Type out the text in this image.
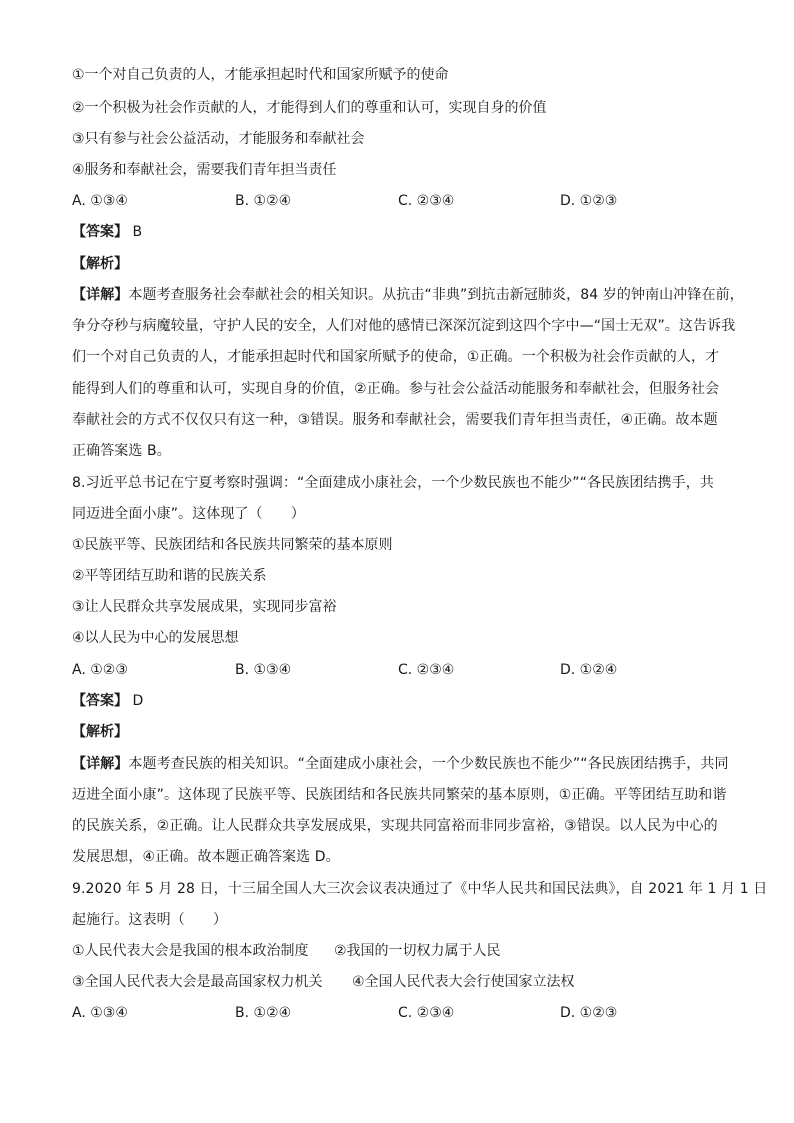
①一个对自己负责的人，才能承担起时代和国家所赋予的使命
②一个积极为社会作贡献的人，才能得到人们的尊重和认可，实现自身的价值
③只有参与社会公益活动，才能服务和奉献社会
④服务和奉献社会，需要我们青年担当责任
A. ①③④	B. ①②④	C. ②③④	D. ①②③
【答案】 B
【解析】
【详解】本题考查服务社会奉献社会的相关知识。从抗击“非典”到抗击新冠肺炎，84 岁的钟南山冲锋在前，
争分夺秒与病魔较量，守护人民的安全，人们对他的感情已深深沉淀到这四个字中—“国士无双”。这告诉我
们一个对自己负责的人，才能承担起时代和国家所赋予的使命，①正确。一个积极为社会作贡献的人，才
能得到人们的尊重和认可，实现自身的价值，②正确。参与社会公益活动能服务和奉献社会，但服务社会
奉献社会的方式不仅仅只有这一种，③错误。服务和奉献社会，需要我们青年担当责任，④正确。故本题
正确答案选 B。
8.习近平总书记在宁夏考察时强调：“全面建成小康社会，一个少数民族也不能少”“各民族团结携手，共
同迈进全面小康”。这体现了（　　）
①民族平等、民族团结和各民族共同繁荣的基本原则
②平等团结互助和谐的民族关系
③让人民群众共享发展成果，实现同步富裕
④以人民为中心的发展思想
A. ①②③	B. ①③④	C. ②③④	D. ①②④
【答案】 D
【解析】
【详解】本题考查民族的相关知识。“全面建成小康社会，一个少数民族也不能少”“各民族团结携手，共同
迈进全面小康”。这体现了民族平等、民族团结和各民族共同繁荣的基本原则，①正确。平等团结互助和谐
的民族关系，②正确。让人民群众共享发展成果，实现共同富裕而非同步富裕，③错误。以人民为中心的
发展思想，④正确。故本题正确答案选 D。
9.2020 年 5 月 28 日，十三届全国人大三次会议表决通过了《中华人民共和国民法典》，自 2021 年 1 月 1 日
起施行。这表明（　　）
①人民代表大会是我国的根本政治制度 ②我国的一切权力属于人民
③全国人民代表大会是最高国家权力机关 ④全国人民代表大会行使国家立法权
A. ①③④	B. ①②④	C. ②③④	D. ①②③
